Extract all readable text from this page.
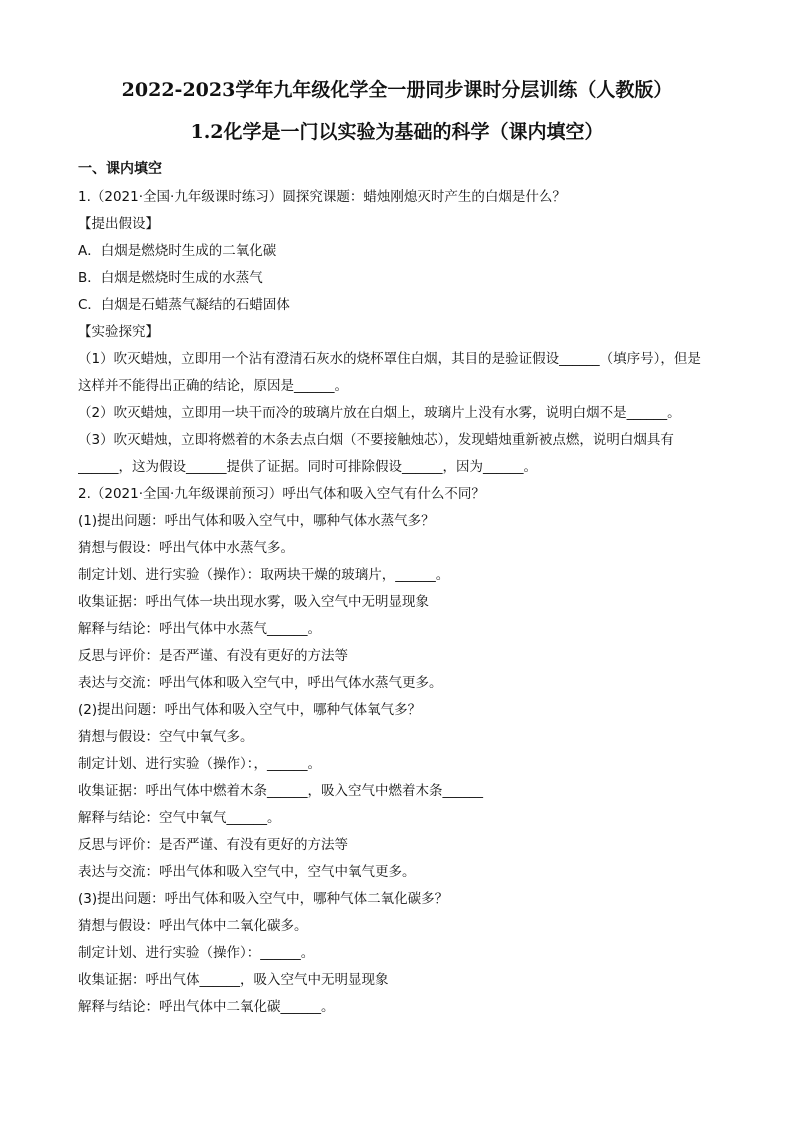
2022-2023学年九年级化学全一册同步课时分层训练（人教版）
1.2化学是一门以实验为基础的科学（课内填空）
一、课内填空
1.（2021·全国·九年级课时练习）圆探究课题：蜡烛刚熄灭时产生的白烟是什么？
【提出假设】
A．白烟是燃烧时生成的二氧化碳
B．白烟是燃烧时生成的水蒸气
C．白烟是石蜡蒸气凝结的石蜡固体
【实验探究】
（1）吹灭蜡烛，立即用一个沾有澄清石灰水的烧杯罩住白烟，其目的是验证假设______（填序号），但是
这样并不能得出正确的结论，原因是______。
（2）吹灭蜡烛，立即用一块干而冷的玻璃片放在白烟上，玻璃片上没有水雾，说明白烟不是______。
（3）吹灭蜡烛，立即将燃着的木条去点白烟（不要接触烛芯），发现蜡烛重新被点燃，说明白烟具有
______，这为假设______提供了证据。同时可排除假设______，因为______。
2.（2021·全国·九年级课前预习）呼出气体和吸入空气有什么不同？
(1)提出问题：呼出气体和吸入空气中，哪种气体水蒸气多？
猜想与假设：呼出气体中水蒸气多。
制定计划、进行实验（操作）：取两块干燥的玻璃片，______。
收集证据：呼出气体一块出现水雾，吸入空气中无明显现象
解释与结论：呼出气体中水蒸气______。
反思与评价：是否严谨、有没有更好的方法等
表达与交流：呼出气体和吸入空气中，呼出气体水蒸气更多。
(2)提出问题：呼出气体和吸入空气中，哪种气体氧气多？
猜想与假设：空气中氧气多。
制定计划、进行实验（操作）：，______。
收集证据：呼出气体中燃着木条______，吸入空气中燃着木条______
解释与结论：空气中氧气______。
反思与评价：是否严谨、有没有更好的方法等
表达与交流：呼出气体和吸入空气中，空气中氧气更多。
(3)提出问题：呼出气体和吸入空气中，哪种气体二氧化碳多？
猜想与假设：呼出气体中二氧化碳多。
制定计划、进行实验（操作）：______。
收集证据：呼出气体______，吸入空气中无明显现象
解释与结论：呼出气体中二氧化碳______。
